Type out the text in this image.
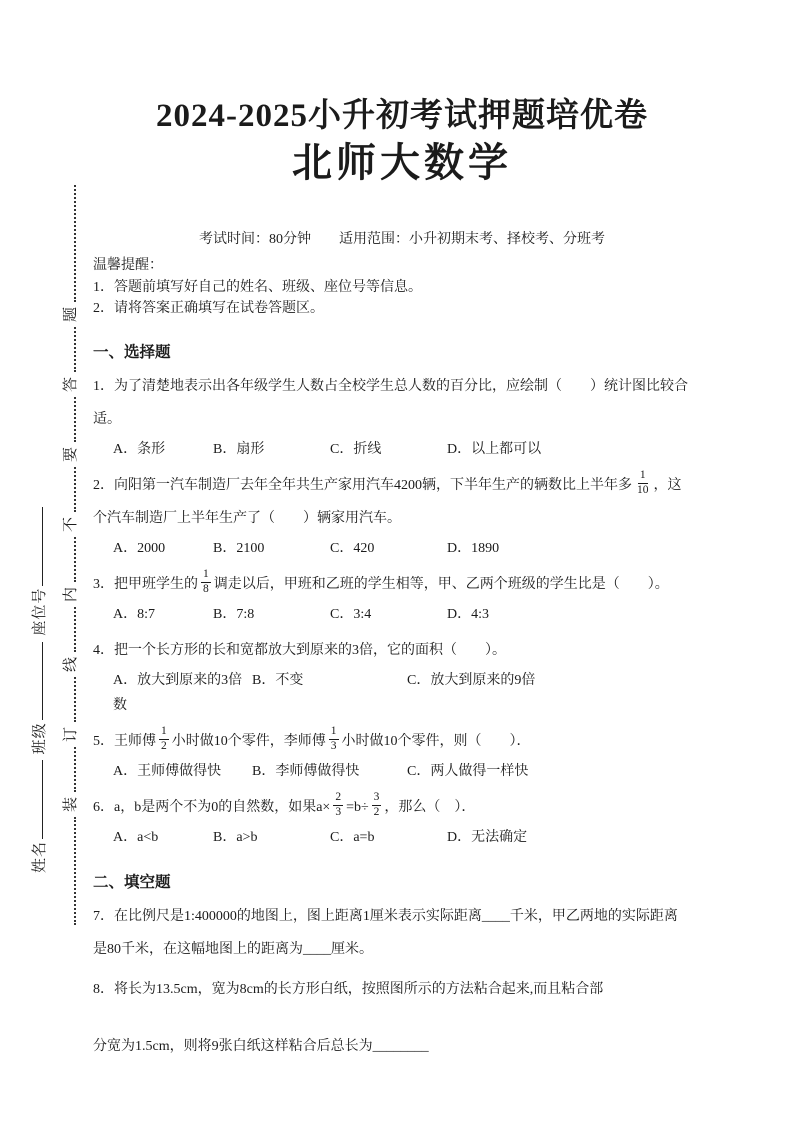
姓名
班级
座位号
装
订
线
内
不
要
答
题
2024-2025小升初考试押题培优卷
北师大数学
考试时间：80分钟　　适用范围：小升初期末考、择校考、分班考
温馨提醒：
1．答题前填写好自己的姓名、班级、座位号等信息。
2．请将答案正确填写在试卷答题区。
一、选择题
1．为了清楚地表示出各年级学生人数占全校学生总人数的百分比，应绘制（　　）统计图比较合适。
A．条形	B．扇形	C．折线	D．以上都可以
2．向阳第一汽车制造厂去年全年共生产家用汽车4200辆，下半年生产的辆数比上半年多 $\frac{1}{10}$ ，这
个汽车制造厂上半年生产了（　　）辆家用汽车。
A．2000	B．2100	C．420	D．1890
3．把甲班学生的 $\frac{1}{8}$ 调走以后，甲班和乙班的学生相等，甲、乙两个班级的学生比是（　　）。
A．8:7	B．7:8	C．3:4	D．4:3
4．把一个长方形的长和宽都放大到原来的3倍，它的面积（　　）。
A．放大到原来的3倍数
B．不变	C．放大到原来的9倍
5．王师傅 $\frac{1}{2}$ 小时做10个零件，李师傅 $\frac{1}{3}$ 小时做10个零件，则（　　）．
A．王师傅做得快	B．李师傅做得快	C．两人做得一样快
6．a，b是两个不为0的自然数，如果$a\times \frac{2}{3} =b\div \frac{3}{2}$ ，那么（　）．
A．a<b	B．a>b	C．a=b	D．无法确定
二、填空题
7．在比例尺是1:400000的地图上，图上距离1厘米表示实际距离____千米，甲乙两地的实际距离
是80千米，在这幅地图上的距离为____厘米。
8．将长为13.5cm，宽为8cm的长方形白纸，按照图所示的方法粘合起来,而且粘合部
分宽为1.5cm，则将9张白纸这样粘合后总长为________
